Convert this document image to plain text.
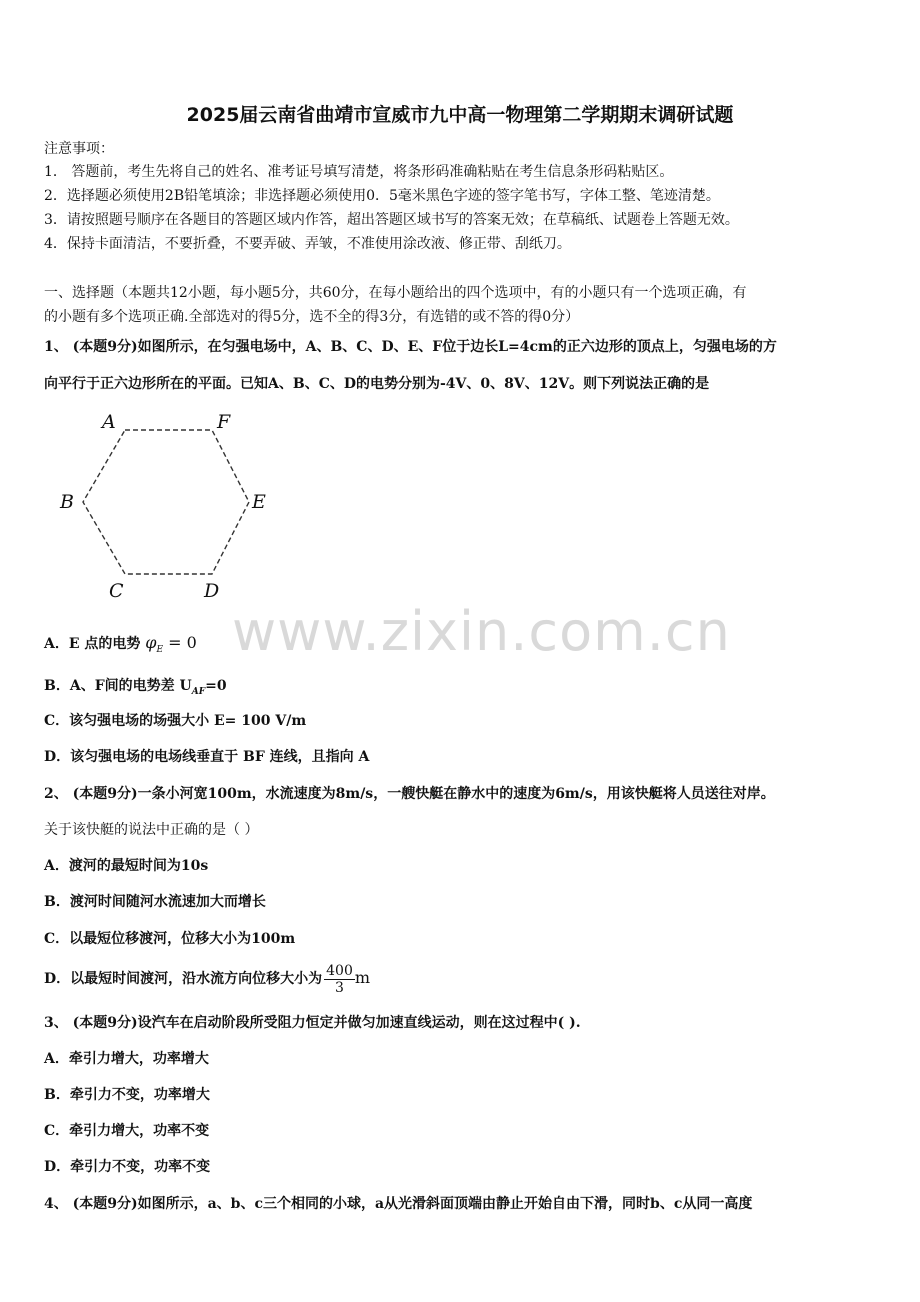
2025届云南省曲靖市宣威市九中高一物理第二学期期末调研试题
注意事项：
1． 答题前，考生先将自己的姓名、准考证号填写清楚，将条形码准确粘贴在考生信息条形码粘贴区。
2．选择题必须使用2B铅笔填涂；非选择题必须使用0．5毫米黑色字迹的签字笔书写，字体工整、笔迹清楚。
3．请按照题号顺序在各题目的答题区域内作答，超出答题区域书写的答案无效；在草稿纸、试题卷上答题无效。
4．保持卡面清洁，不要折叠，不要弄破、弄皱，不准使用涂改液、修正带、刮纸刀。
一、选择题（本题共12小题，每小题5分，共60分，在每小题给出的四个选项中，有的小题只有一个选项正确，有
的小题有多个选项正确.全部选对的得5分，选不全的得3分，有选错的或不答的得0分）
1、 (本题9分)如图所示，在匀强电场中，A、B、C、D、E、F位于边长L=4cm的正六边形的顶点上，匀强电场的方
向平行于正六边形所在的平面。已知A、B、C、D的电势分别为-4V、0、8V、12V。则下列说法正确的是
A	F
B	E
C	D
www.zixin.com.cn
A．E 点的电势 $\varphi_E = 0$
B．A、F间的电势差 $U_{AF}=0$
C．该匀强电场的场强大小 E= 100 V/m
D．该匀强电场的电场线垂直于 BF 连线，且指向 A
2、 (本题9分)一条小河宽100m，水流速度为8m/s，一艘快艇在静水中的速度为6m/s，用该快艇将人员送往对岸。
关于该快艇的说法中正确的是（ ）
A．渡河的最短时间为10s
B．渡河时间随河水流速加大而增长
C．以最短位移渡河，位移大小为100m
D．以最短时间渡河，沿水流方向位移大小为 $\frac{400}{3}$ m
3、 (本题9分)设汽车在启动阶段所受阻力恒定并做匀加速直线运动，则在这过程中( ).
A．牵引力增大，功率增大
B．牵引力不变，功率增大
C．牵引力增大，功率不变
D．牵引力不变，功率不变
4、 (本题9分)如图所示，a、b、c三个相同的小球，a从光滑斜面顶端由静止开始自由下滑，同时b、c从同一高度
